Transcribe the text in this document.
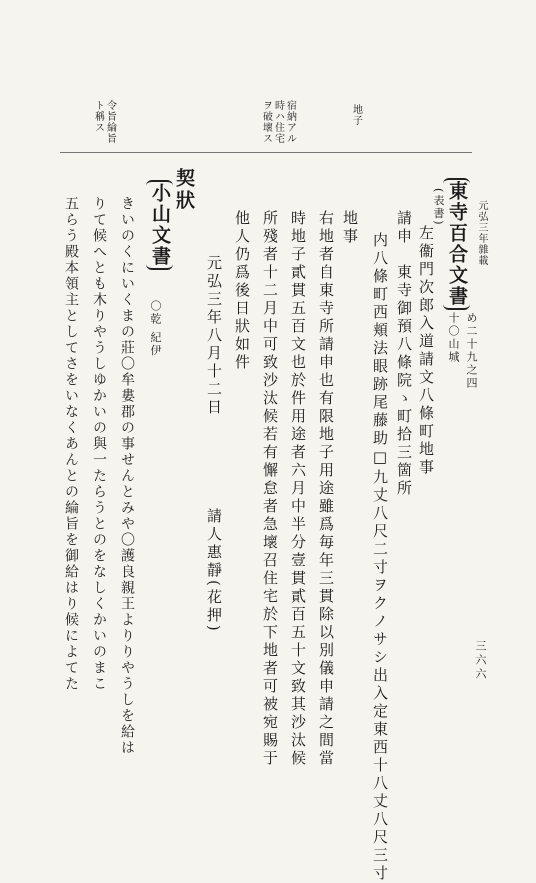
元弘三年雜載
三六六
地子
宿納アル
時ハ住宅
ヲ破壞ス
令旨綸旨
ト稱ス
東寺百合文書
め二十九之四
十〇山城
(表書)
左衞門次郎入道請文八條町地事
請申　東寺御預八條院ゝ町拾三箇所
内八條町西頬法眼跡尾藤助□九丈八尺二寸ヲクノサシ出入定東西十八丈八尺三寸
地事
右地者自東寺所請申也有限地子用途雖爲毎年三貫除以別儀申請之間當
時地子貳貫五百文也於件用途者六月中半分壹貫貳百五十文致其沙汰候
所殘者十二月中可致沙汰候若有懈怠者急壞召住宅於下地者可被宛賜于
他人仍爲後日狀如件
元弘三年八月十二日
請人惠靜(花押)
契狀
小山文書
〇乾 紀伊
きいのくにいくまの莊〇牟婁郡の事せんとみや〇護良親王よりりやうしを給は
りて候へとも木りやうしゆかいの與一たらうとのをなしくかいのまこ
五らう殿本領主としてさをいなくあんとの綸旨を御給はり候によてた
